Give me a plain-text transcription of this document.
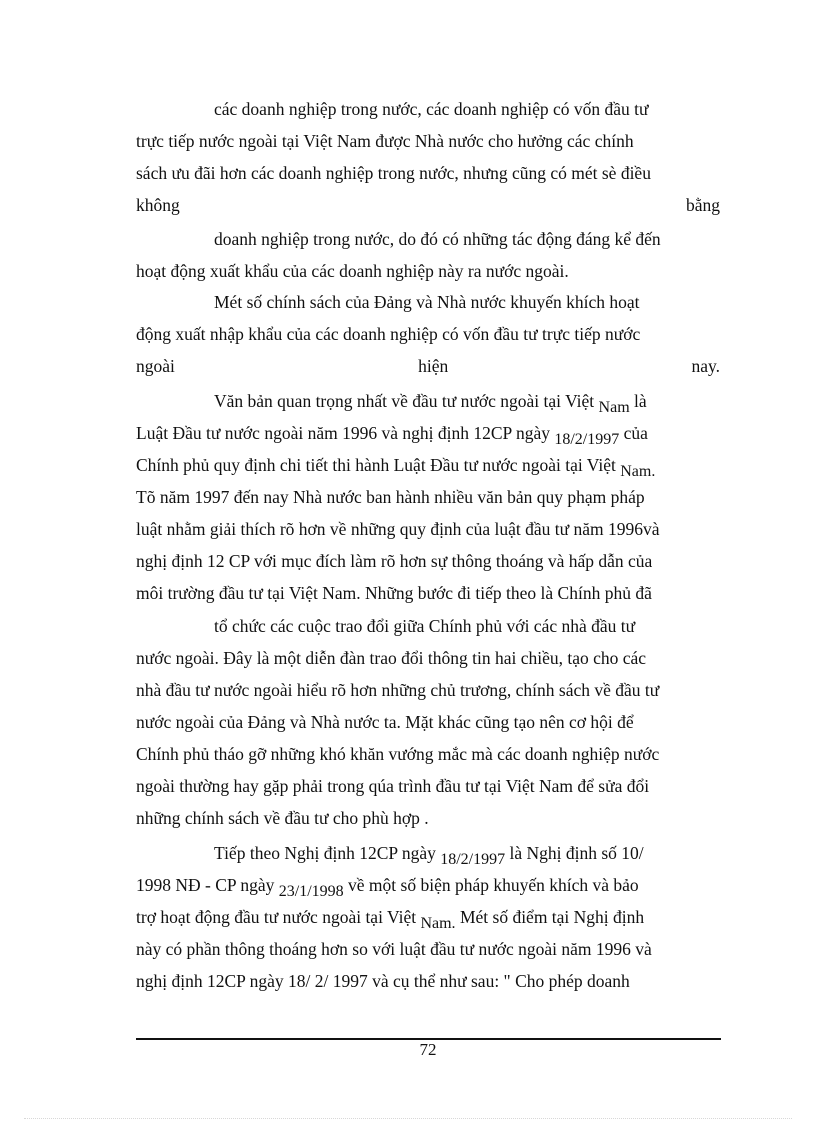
các doanh nghiệp trong nước, các doanh nghiệp có vốn đầu tư
trực tiếp nước ngoài tại Việt Nam được Nhà nước cho hưởng các chính
sách ưu đãi hơn các doanh nghiệp trong nước, nhưng cũng có mét sè điều
không	bằng
doanh nghiệp trong nước, do đó có những tác động đáng kể đến
hoạt động xuất khẩu của các doanh nghiệp này ra nước ngoài.
Mét số chính sách của Đảng và Nhà nước khuyến khích hoạt
động xuất nhập khẩu của các doanh nghiệp có vốn đầu tư trực tiếp nước
ngoài	hiện	nay.
Văn bản quan trọng nhất về đầu tư nước ngoài tại Việt Nam là
Luật Đầu tư nước ngoài năm 1996 và nghị định 12CP ngày 18/2/1997 của
Chính phủ quy định chi tiết thi hành Luật Đầu tư nước ngoài tại Việt Nam.
Tõ năm 1997 đến nay Nhà nước ban hành nhiều văn bản quy phạm pháp
luật nhằm giải thích rõ hơn về những quy định của luật đầu tư năm 1996và
nghị định 12 CP với mục đích làm rõ hơn sự thông thoáng và hấp dẫn của
môi trường đầu tư tại Việt Nam. Những bước đi tiếp theo là Chính phủ đã
tổ chức các cuộc trao đổi giữa Chính phủ với các nhà đầu tư
nước ngoài. Đây là một diễn đàn trao đổi thông tin hai chiều, tạo cho các
nhà đầu tư nước ngoài hiểu rõ hơn những chủ trương, chính sách về đầu tư
nước ngoài của Đảng và Nhà nước ta. Mặt khác cũng tạo nên cơ hội để
Chính phủ tháo gỡ những khó khăn vướng mắc mà các doanh nghiệp nước
ngoài thường hay gặp phải trong qúa trình đầu tư tại Việt Nam để sửa đổi
những chính sách về đầu tư cho phù hợp .
Tiếp theo Nghị định 12CP ngày 18/2/1997 là Nghị định số 10/
1998 NĐ - CP ngày 23/1/1998 về một số biện pháp khuyến khích và bảo
trợ hoạt động đầu tư nước ngoài tại Việt Nam. Mét số điểm tại Nghị định
này có phần thông thoáng hơn so với luật đầu tư nước ngoài năm 1996 và
nghị định 12CP ngày 18/ 2/ 1997 và cụ thể như sau: " Cho phép doanh
72
